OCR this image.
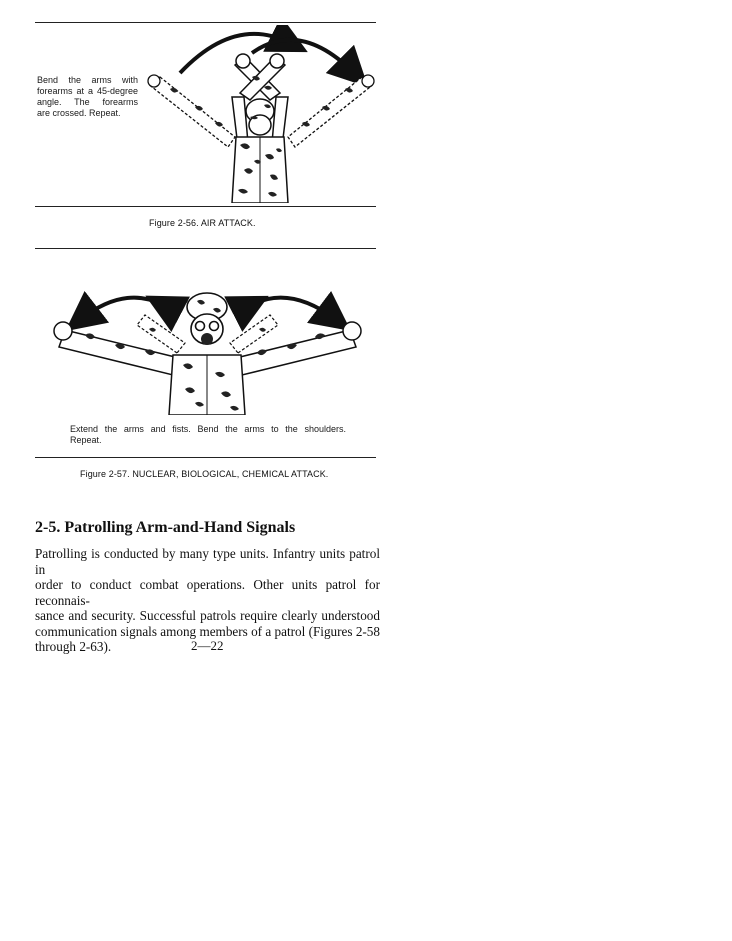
Bend the arms with
forearms at a 45-degree
angle. The forearms
are crossed. Repeat.
Figure 2-56. AIR ATTACK.
Extend the arms and fists. Bend the arms to the shoulders.
Repeat.
Figure 2-57. NUCLEAR, BIOLOGICAL, CHEMICAL ATTACK.
2-5. Patrolling Arm-and-Hand Signals
Patrolling is conducted by many type units. Infantry units patrol in
order to conduct combat operations. Other units patrol for reconnais-
sance and security. Successful patrols require clearly understood
communication signals among members of a patrol (Figures 2-58
through 2-63).	2—22
